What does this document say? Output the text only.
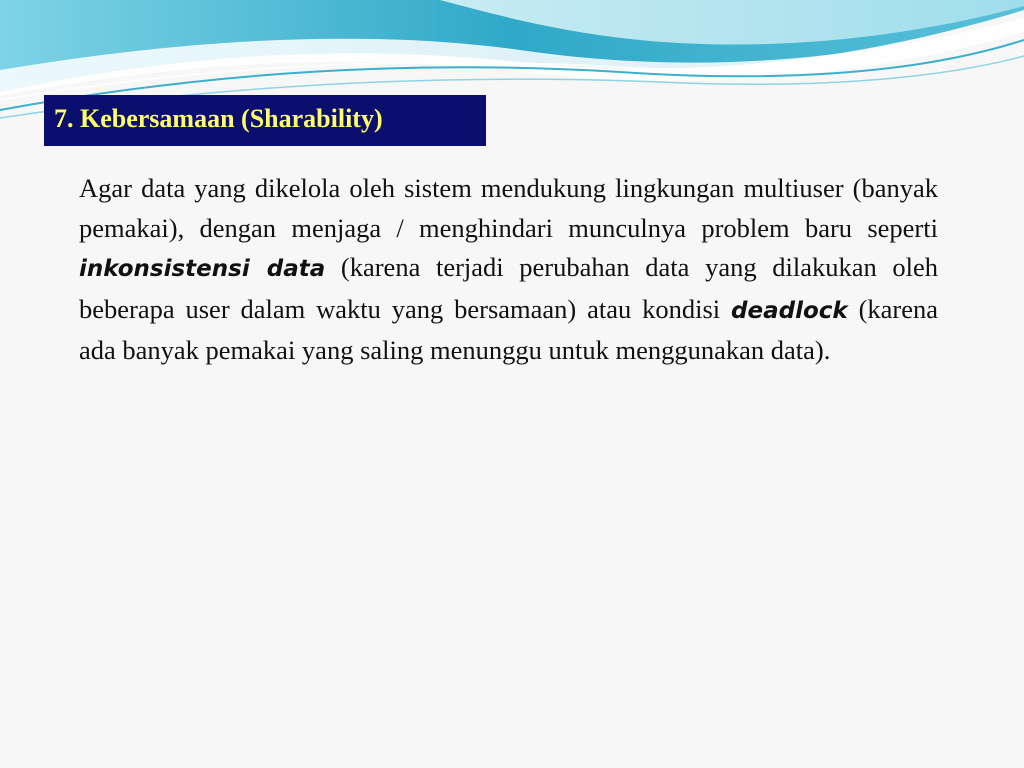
7. Kebersamaan (Sharability)

Agar data yang dikelola oleh sistem mendukung lingkungan multiuser (banyak pemakai), dengan menjaga / menghindari munculnya problem baru seperti inkonsistensi data (karena terjadi perubahan data yang dilakukan oleh beberapa user dalam waktu yang bersamaan) atau kondisi deadlock (karena ada banyak pemakai yang saling menunggu untuk menggunakan data).
